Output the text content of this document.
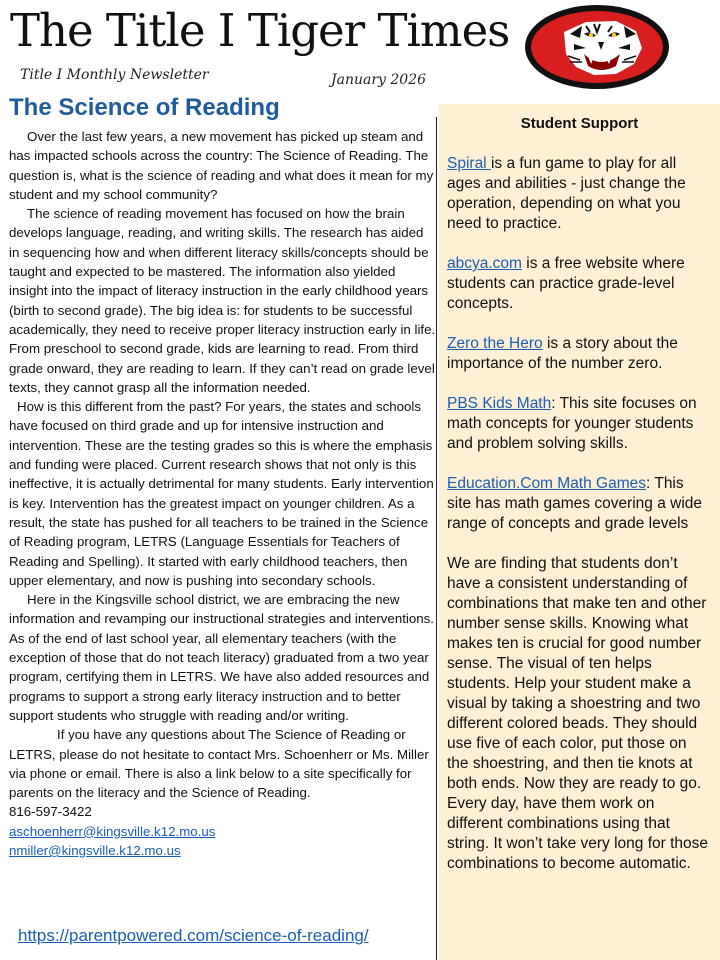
The Title I Tiger Times
Title I Monthly Newsletter	January 2026
The Science of Reading

Over the last few years, a new movement has picked up steam and has impacted schools across the country: The Science of Reading. The question is, what is the science of reading and what does it mean for my student and my school community?

The science of reading movement has focused on how the brain develops language, reading, and writing skills. The research has aided in sequencing how and when different literacy skills/concepts should be taught and expected to be mastered. The information also yielded insight into the impact of literacy instruction in the early childhood years (birth to second grade). The big idea is: for students to be successful academically, they need to receive proper literacy instruction early in life. From preschool to second grade, kids are learning to read. From third grade onward, they are reading to learn. If they can’t read on grade level texts, they cannot grasp all the information needed.

How is this different from the past? For years, the states and schools have focused on third grade and up for intensive instruction and intervention. These are the testing grades so this is where the emphasis and funding were placed. Current research shows that not only is this ineffective, it is actually detrimental for many students. Early intervention is key. Intervention has the greatest impact on younger children. As a result, the state has pushed for all teachers to be trained in the Science of Reading program, LETRS (Language Essentials for Teachers of Reading and Spelling). It started with early childhood teachers, then upper elementary, and now is pushing into secondary schools.

Here in the Kingsville school district, we are embracing the new information and revamping our instructional strategies and interventions. As of the end of last school year, all elementary teachers (with the exception of those that do not teach literacy) graduated from a two year program, certifying them in LETRS. We have also added resources and programs to support a strong early literacy instruction and to better support students who struggle with reading and/or writing.

If you have any questions about The Science of Reading or LETRS, please do not hesitate to contact Mrs. Schoenherr or Ms. Miller via phone or email. There is also a link below to a site specifically for parents on the literacy and the Science of Reading.

816-597-3422

aschoenherr@kingsville.k12.mo.us

nmiller@kingsville.k12.mo.us

https://parentpowered.com/science-of-reading/
Student Support

Spiral is a fun game to play for all ages and abilities - just change the operation, depending on what you need to practice.

abcya.com is a free website where students can practice grade-level concepts.

Zero the Hero is a story about the importance of the number zero.

PBS Kids Math: This site focuses on math concepts for younger students and problem solving skills.

Education.Com Math Games: This site has math games covering a wide range of concepts and grade levels

We are finding that students don’t have a consistent understanding of combinations that make ten and other number sense skills. Knowing what makes ten is crucial for good number sense. The visual of ten helps students. Help your student make a visual by taking a shoestring and two different colored beads. They should use five of each color, put those on the shoestring, and then tie knots at both ends. Now they are ready to go. Every day, have them work on different combinations using that string. It won’t take very long for those combinations to become automatic.
